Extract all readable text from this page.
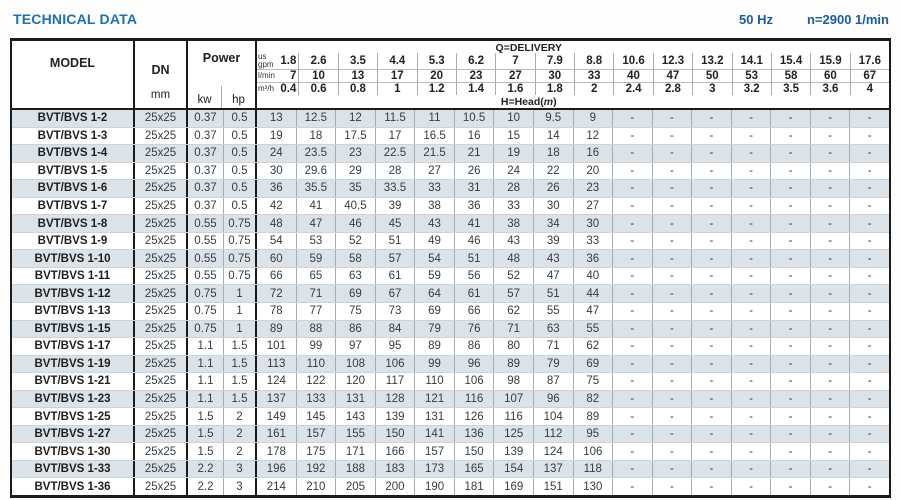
TECHNICAL DATA	50 Hz	n=2900 1/min
MODEL
DN
mm
Power
kw	hp
Q=DELIVERY
us
gpm 1.8	2.6	3.5	4.4	5.3	6.2	7	7.9	8.8	10.6	12.3	13.2	14.1	15.4	15.9	17.6
l/min 7	10	13	17	20	23	27	30	33	40	47	50	53	58	60	67
m³/h 0.4	0.6	0.8	1	1.2	1.4	1.6	1.8	2	2.4	2.8	3	3.2	3.5	3.6	4
H=Head(m)
BVT/BVS 1-2	25x25	0.37	0.5	13	12.5	12	11.5	11	10.5	10	9.5	9	-	-	-	-	-	-	-
BVT/BVS 1-3	25x25	0.37	0.5	19	18	17.5	17	16.5	16	15	14	12	-	-	-	-	-	-	-
BVT/BVS 1-4	25x25	0.37	0.5	24	23.5	23	22.5	21.5	21	19	18	16	-	-	-	-	-	-	-
BVT/BVS 1-5	25x25	0.37	0.5	30	29.6	29	28	27	26	24	22	20	-	-	-	-	-	-	-
BVT/BVS 1-6	25x25	0.37	0.5	36	35.5	35	33.5	33	31	28	26	23	-	-	-	-	-	-	-
BVT/BVS 1-7	25x25	0.37	0.5	42	41	40.5	39	38	36	33	30	27	-	-	-	-	-	-	-
BVT/BVS 1-8	25x25	0.55	0.75	48	47	46	45	43	41	38	34	30	-	-	-	-	-	-	-
BVT/BVS 1-9	25x25	0.55	0.75	54	53	52	51	49	46	43	39	33	-	-	-	-	-	-	-
BVT/BVS 1-10	25x25	0.55	0.75	60	59	58	57	54	51	48	43	36	-	-	-	-	-	-	-
BVT/BVS 1-11	25x25	0.55	0.75	66	65	63	61	59	56	52	47	40	-	-	-	-	-	-	-
BVT/BVS 1-12	25x25	0.75	1	72	71	69	67	64	61	57	51	44	-	-	-	-	-	-	-
BVT/BVS 1-13	25x25	0.75	1	78	77	75	73	69	66	62	55	47	-	-	-	-	-	-	-
BVT/BVS 1-15	25x25	0.75	1	89	88	86	84	79	76	71	63	55	-	-	-	-	-	-	-
BVT/BVS 1-17	25x25	1.1	1.5	101	99	97	95	89	86	80	71	62	-	-	-	-	-	-	-
BVT/BVS 1-19	25x25	1.1	1.5	113	110	108	106	99	96	89	79	69	-	-	-	-	-	-	-
BVT/BVS 1-21	25x25	1.1	1.5	124	122	120	117	110	106	98	87	75	-	-	-	-	-	-	-
BVT/BVS 1-23	25x25	1.1	1.5	137	133	131	128	121	116	107	96	82	-	-	-	-	-	-	-
BVT/BVS 1-25	25x25	1.5	2	149	145	143	139	131	126	116	104	89	-	-	-	-	-	-	-
BVT/BVS 1-27	25x25	1.5	2	161	157	155	150	141	136	125	112	95	-	-	-	-	-	-	-
BVT/BVS 1-30	25x25	1.5	2	178	175	171	166	157	150	139	124	106	-	-	-	-	-	-	-
BVT/BVS 1-33	25x25	2.2	3	196	192	188	183	173	165	154	137	118	-	-	-	-	-	-	-
BVT/BVS 1-36	25x25	2.2	3	214	210	205	200	190	181	169	151	130	-	-	-	-	-	-	-
